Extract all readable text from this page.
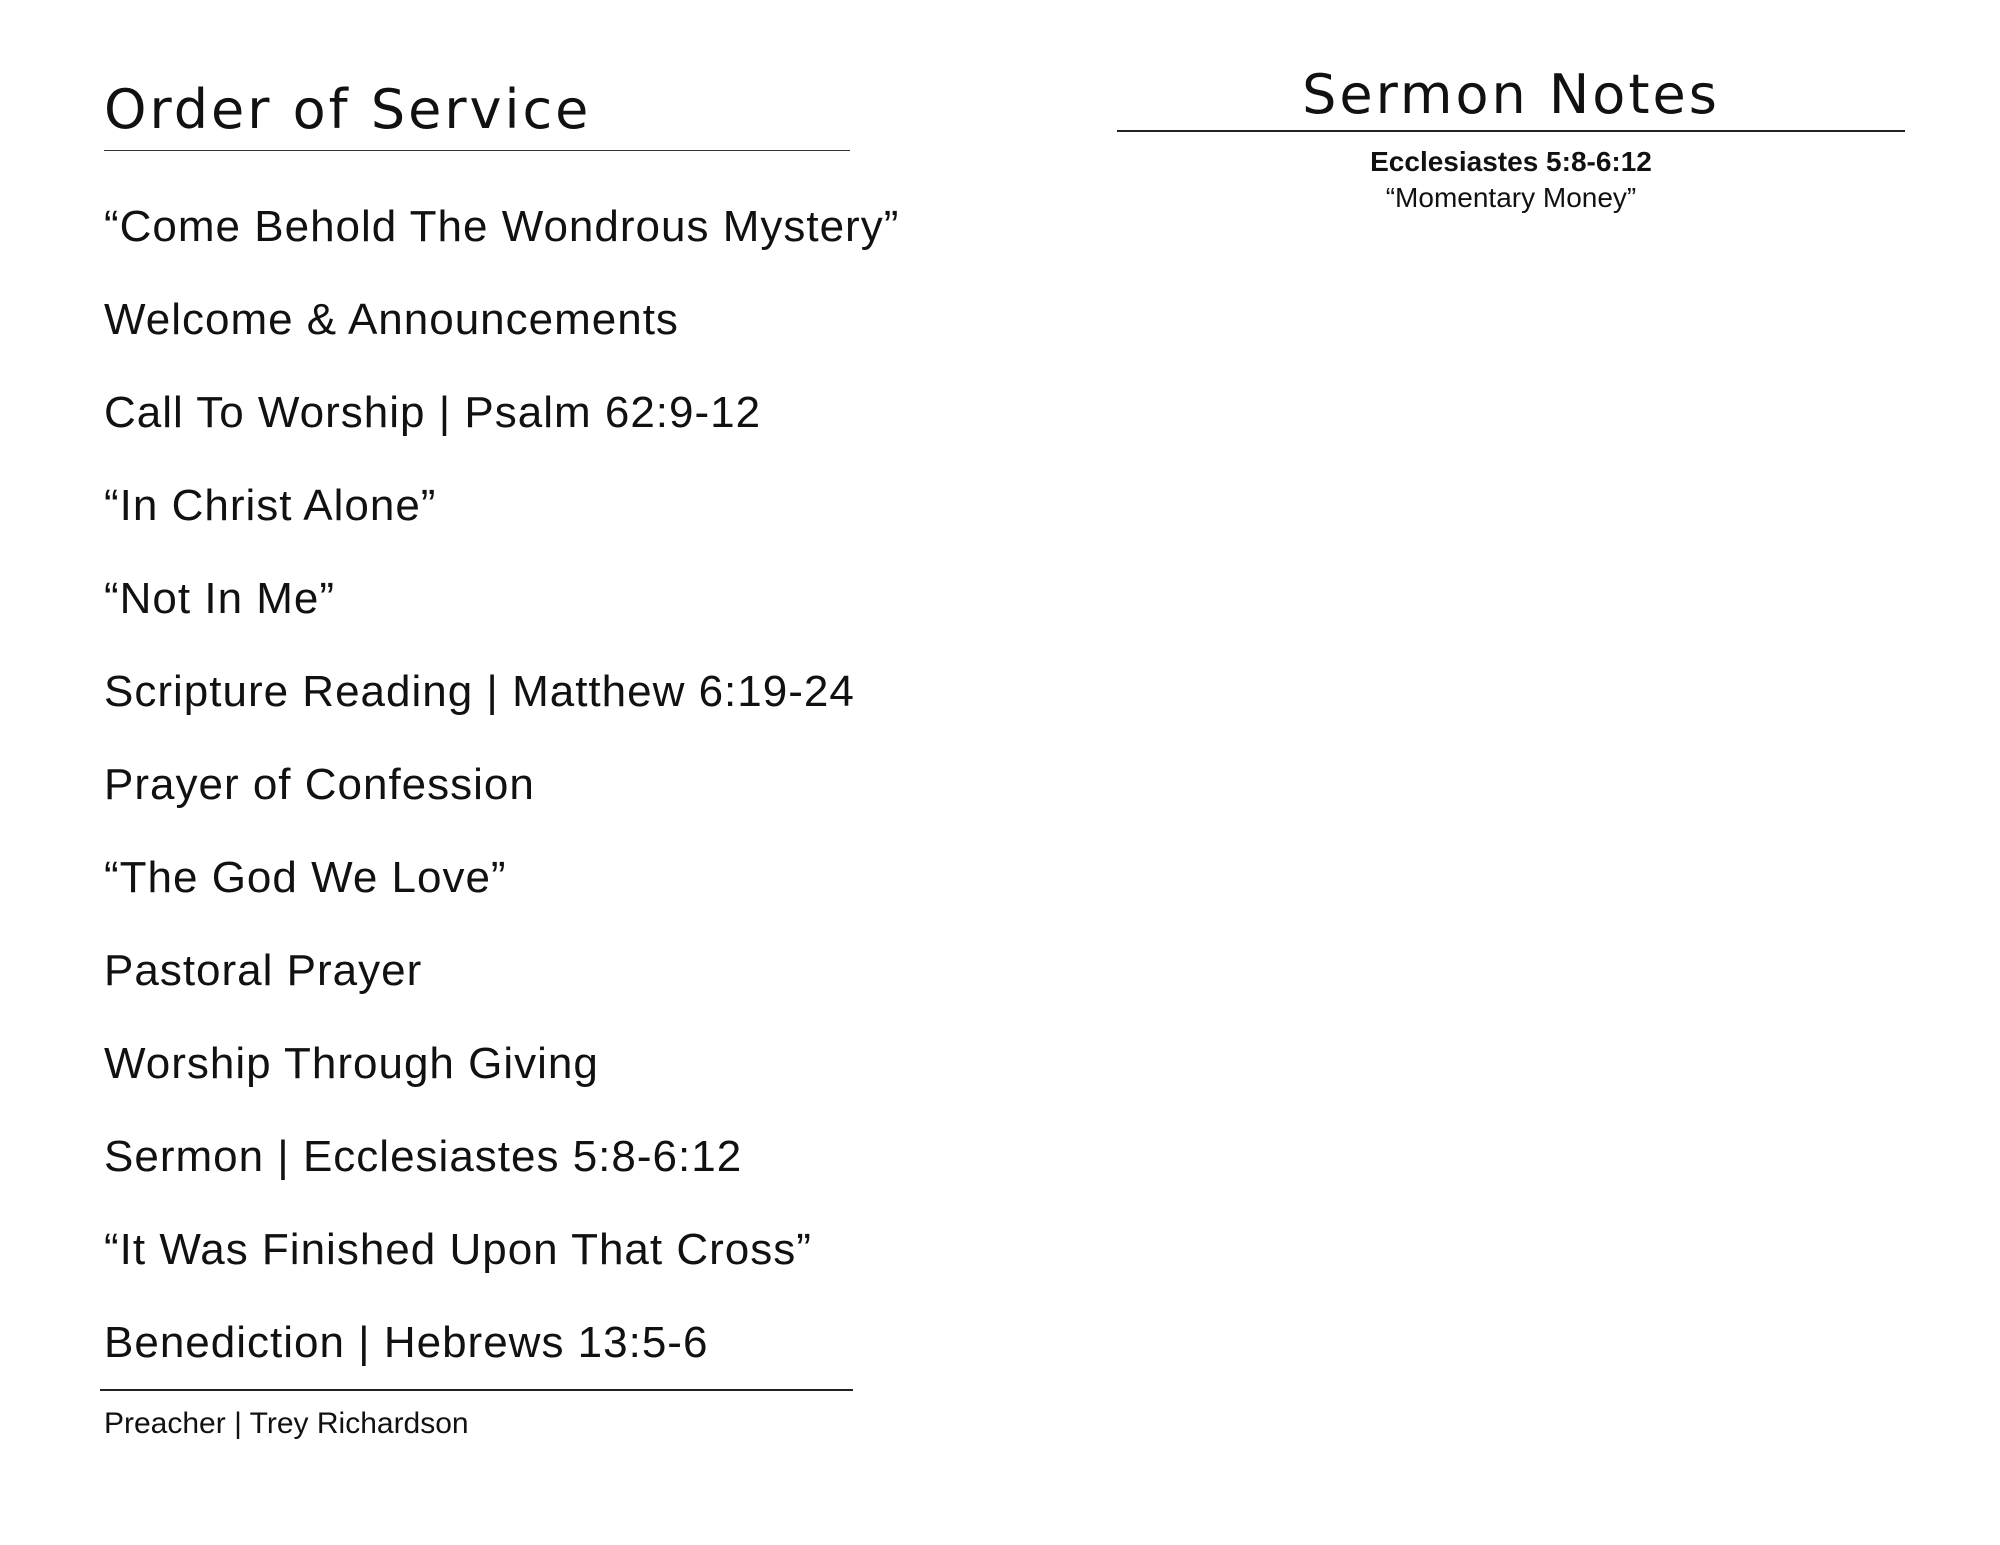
Order of Service
“Come Behold The Wondrous Mystery”
Welcome & Announcements
Call To Worship | Psalm 62:9-12
“In Christ Alone”
“Not In Me”
Scripture Reading | Matthew 6:19-24
Prayer of Confession
“The God We Love”
Pastoral Prayer
Worship Through Giving
Sermon | Ecclesiastes 5:8-6:12
“It Was Finished Upon That Cross”
Benediction | Hebrews 13:5-6
Preacher | Trey Richardson
Sermon Notes
Ecclesiastes 5:8-6:12
“Momentary Money”
